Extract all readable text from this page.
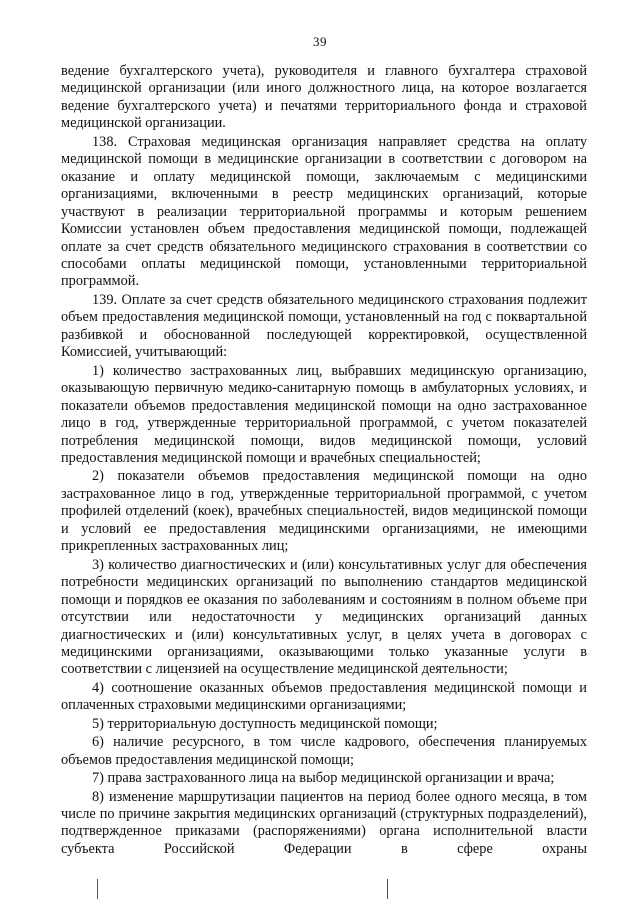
39

ведение бухгалтерского учета), руководителя и главного бухгалтера страховой медицинской организации (или иного должностного лица, на которое возлагается ведение бухгалтерского учета) и печатями территориального фонда и страховой медицинской организации.

138. Страховая медицинская организация направляет средства на оплату медицинской помощи в медицинские организации в соответствии с договором на оказание и оплату медицинской помощи, заключаемым с медицинскими организациями, включенными в реестр медицинских организаций, которые участвуют в реализации территориальной программы и которым решением Комиссии установлен объем предоставления медицинской помощи, подлежащей оплате за счет средств обязательного медицинского страхования в соответствии со способами оплаты медицинской помощи, установленными территориальной программой.

139. Оплате за счет средств обязательного медицинского страхования подлежит объем предоставления медицинской помощи, установленный на год с поквартальной разбивкой и обоснованной последующей корректировкой, осуществленной Комиссией, учитывающий:

1) количество застрахованных лиц, выбравших медицинскую организацию, оказывающую первичную медико-санитарную помощь в амбулаторных условиях, и показатели объемов предоставления медицинской помощи на одно застрахованное лицо в год, утвержденные территориальной программой, с учетом показателей потребления медицинской помощи, видов медицинской помощи, условий предоставления медицинской помощи и врачебных специальностей;

2) показатели объемов предоставления медицинской помощи на одно застрахованное лицо в год, утвержденные территориальной программой, с учетом профилей отделений (коек), врачебных специальностей, видов медицинской помощи и условий ее предоставления медицинскими организациями, не имеющими прикрепленных застрахованных лиц;

3) количество диагностических и (или) консультативных услуг для обеспечения потребности медицинских организаций по выполнению стандартов медицинской помощи и порядков ее оказания по заболеваниям и состояниям в полном объеме при отсутствии или недостаточности у медицинских организаций данных диагностических и (или) консультативных услуг, в целях учета в договорах с медицинскими организациями, оказывающими только указанные услуги в соответствии с лицензией на осуществление медицинской деятельности;

4) соотношение оказанных объемов предоставления медицинской помощи и оплаченных страховыми медицинскими организациями;

5) территориальную доступность медицинской помощи;

6) наличие ресурсного, в том числе кадрового, обеспечения планируемых объемов предоставления медицинской помощи;

7) права застрахованного лица на выбор медицинской организации и врача;

8) изменение маршрутизации пациентов на период более одного месяца, в том числе по причине закрытия медицинских организаций (структурных подразделений), подтвержденное приказами (распоряжениями) органа исполнительной власти субъекта Российской Федерации в сфере охраны
